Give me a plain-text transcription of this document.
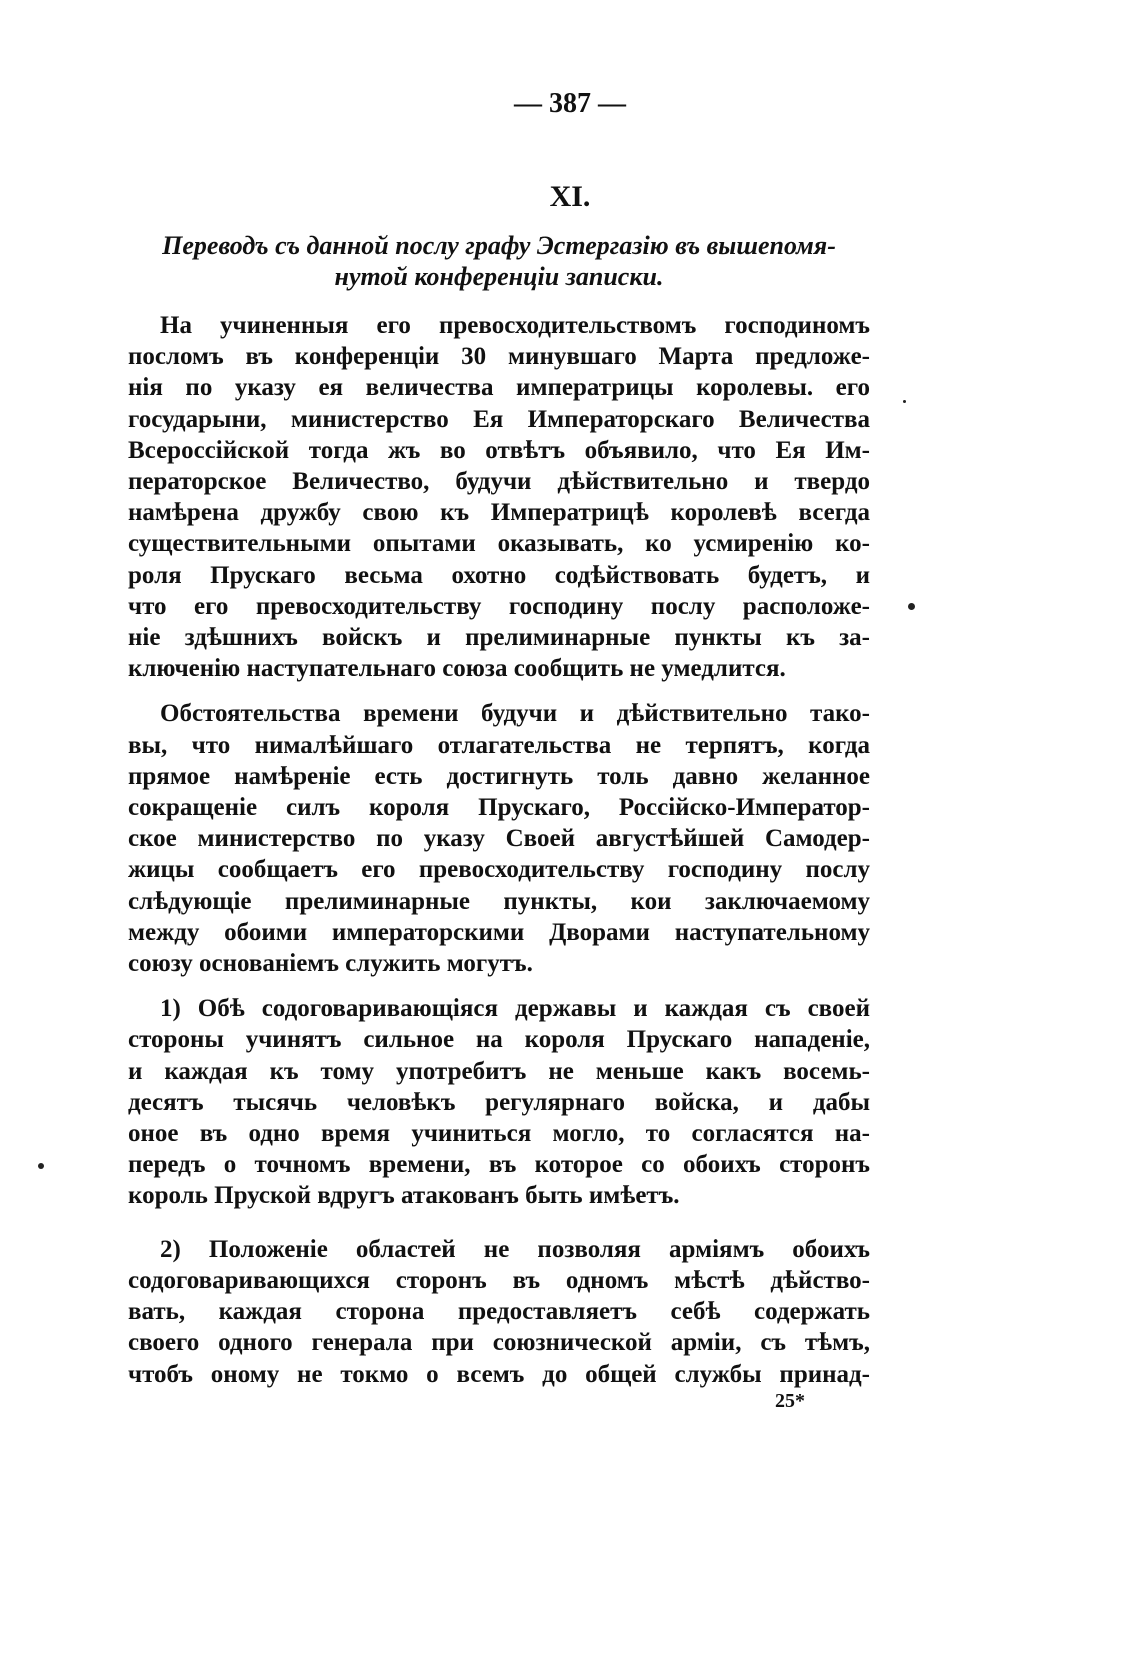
— 387 —
XI.
Переводъ съ данной послу графу Эстергазію въ вышепомя-
нутой конференціи записки.
На учиненныя его превосходительствомъ господиномъ
посломъ въ конференціи 30 минувшаго Марта предложе-
нія по указу ея величества императрицы королевы. его
государыни, министерство Ея Императорскаго Величества
Всероссійской тогда жъ во отвѣтъ объявило, что Ея Им-
ператорское Величество, будучи дѣйствительно и твердо
намѣрена дружбу свою къ Императрицѣ королевѣ всегда
существительными опытами оказывать, ко усмиренію ко-
роля Прускаго весьма охотно содѣйствовать будетъ, и
что его превосходительству господину послу расположе-
ніе здѣшнихъ войскъ и прелиминарные пункты къ за-
ключенію наступательнаго союза сообщить не умедлится.
Обстоятельства времени будучи и дѣйствительно тако-
вы, что нималѣйшаго отлагательства не терпятъ, когда
прямое намѣреніе есть достигнуть толь давно желанное
сокращеніе силъ короля Прускаго, Россійско-Император-
ское министерство по указу Своей августѣйшей Самодер-
жицы сообщаетъ его превосходительству господину послу
слѣдующіе прелиминарные пункты, кои заключаемому
между обоими императорскими Дворами наступательному
союзу основаніемъ служить могутъ.
1) Обѣ содоговаривающіяся державы и каждая съ своей
стороны учинятъ сильное на короля Прускаго нападеніе,
и каждая къ тому употребитъ не меньше какъ восемь-
десятъ тысячь человѣкъ регулярнаго войска, и дабы
оное въ одно время учиниться могло, то согласятся на-
передъ о точномъ времени, въ которое со обоихъ сторонъ
король Пруской вдругъ атакованъ быть имѣетъ.
2) Положеніе областей не позволяя арміямъ обоихъ
содоговаривающихся сторонъ въ одномъ мѣстѣ дѣйство-
вать, каждая сторона предоставляетъ себѣ содержать
своего одного генерала при союзнической арміи, съ тѣмъ,
чтобъ оному не токмо о всемъ до общей службы принад-
25*
